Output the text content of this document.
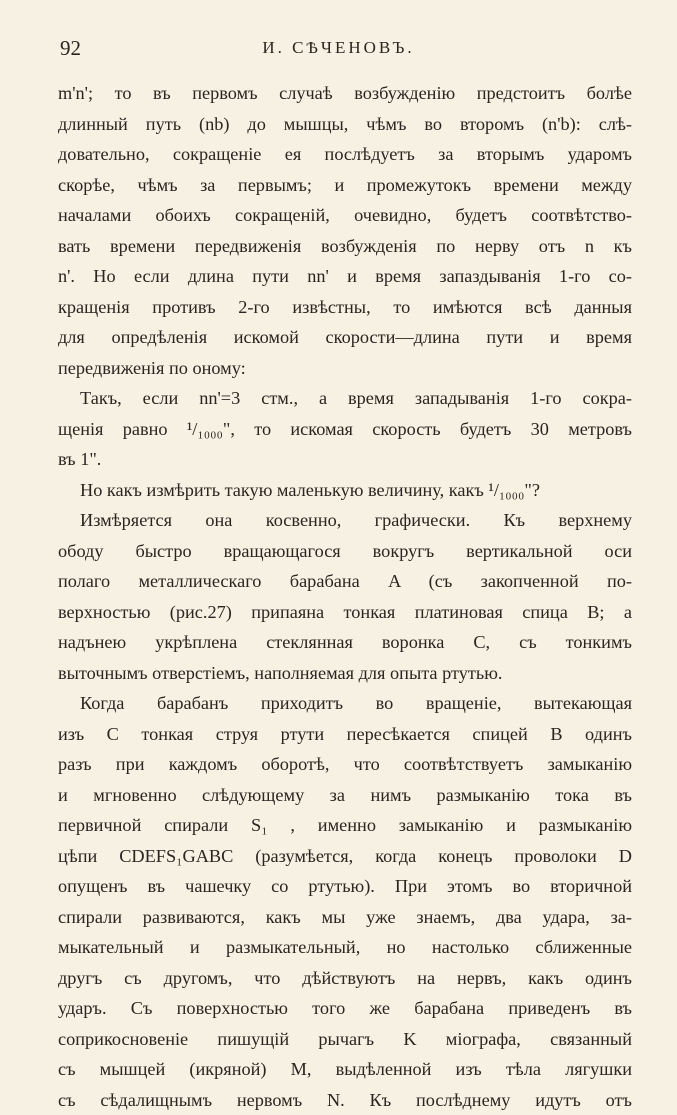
92	И. СѢЧЕНОВЪ.
m'n'; то въ первомъ случаѣ возбужденію предстоитъ болѣе
длинный путь (nb) до мышцы, чѣмъ во второмъ (n'b): слѣ-
довательно, сокращеніе ея послѣдуетъ за вторымъ ударомъ
скорѣе, чѣмъ за первымъ; и промежутокъ времени между
началами обоихъ сокращеній, очевидно, будетъ соотвѣтство-
вать времени передвиженія возбужденія по нерву отъ n къ
n'. Но если длина пути nn' и время запаздыванія 1-го со-
кращенія противъ 2-го извѣстны, то имѣются всѣ данныя
для опредѣленія искомой скорости—длина пути и время
передвиженія по оному:
Такъ, если nn'=3 стм., а время западыванія 1-го сокра-
щенія равно ¹/₁₀₀₀", то искомая скорость будетъ 30 метровъ
въ 1".
Но какъ измѣрить такую маленькую величину, какъ ¹/₁₀₀₀"?
Измѣряется она косвенно, графически. Къ верхнему
ободу быстро вращающагося вокругъ вертикальной оси
полаго металлическаго барабана A (съ закопченной по-
верхностью (рис.27) припаяна тонкая платиновая спица B; а
надънею укрѣплена стеклянная воронка C, съ тонкимъ
выточнымъ отверстіемъ, наполняемая для опыта ртутью.
Когда барабанъ приходитъ во вращеніе, вытекающая
изъ C тонкая струя ртути пересѣкается спицей B одинъ
разъ при каждомъ оборотѣ, что соотвѣтствуетъ замыканію
и мгновенно слѣдующему за нимъ размыканію тока въ
первичной спирали S₁ , именно замыканію и размыканію
цѣпи CDEFS₁GABC (разумѣется, когда конецъ проволоки D
опущенъ въ чашечку со ртутью). При этомъ во вторичной
спирали развиваются, какъ мы уже знаемъ, два удара, за-
мыкательный и размыкательный, но настолько сближенные
другъ съ другомъ, что дѣйствуютъ на нервъ, какъ одинъ
ударъ. Съ поверхностью того же барабана приведенъ въ
соприкосновеніе пишущій рычагъ K міографа, связанный
съ мышцей (икряной) M, выдѣленной изъ тѣла лягушки
съ сѣдалищнымъ нервомъ N. Къ послѣднему идутъ отъ
